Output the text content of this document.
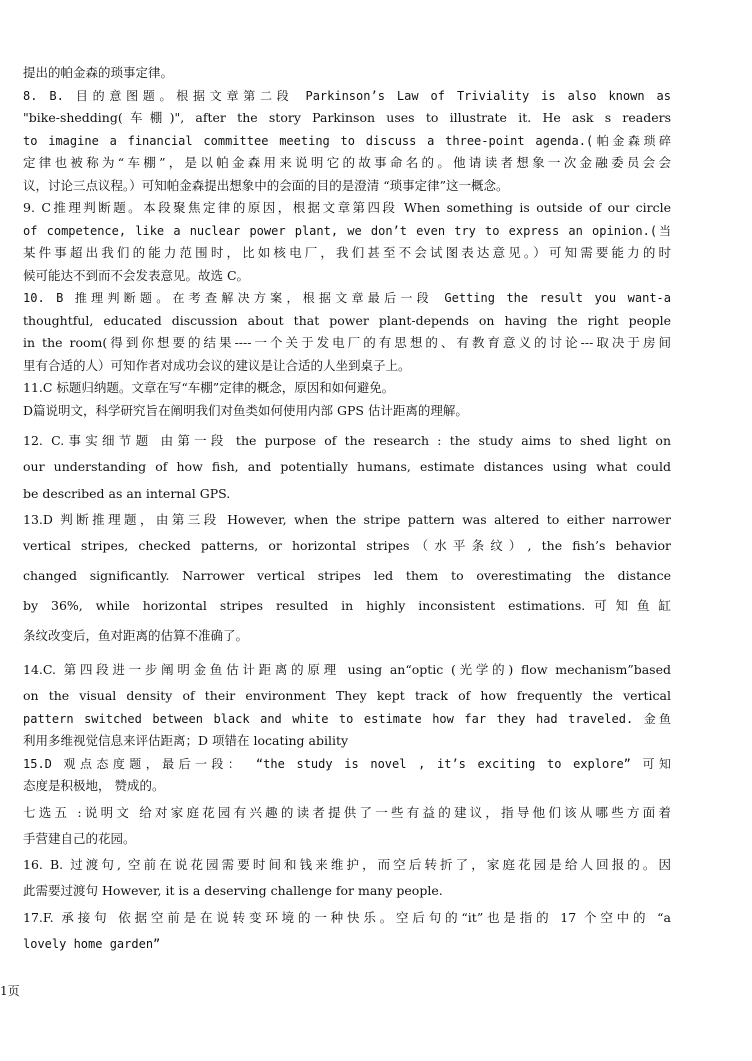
提出的帕金森的琐事定律。
8. B. 目的意图题。根据文章第二段 Parkinson’s Law of Triviality is also known as
"bike-shedding(车棚)", after the story Parkinson uses to illustrate it. He ask s readers
to imagine a financial committee meeting to discuss a three-point agenda.(帕金森琐碎
定律也被称为“车棚”，是以帕金森用来说明它的故事命名的。他请读者想象一次金融委员会会
议，讨论三点议程。）可知帕金森提出想象中的会面的目的是澄清 “琐事定律”这一概念。
9. C推理判断题。本段聚焦定律的原因，根据文章第四段 When something is outside of our circle
of competence, like a nuclear power plant, we don’t even try to express an opinion.(当
某件事超出我们的能力范围时，比如核电厂，我们甚至不会试图表达意见。）可知需要能力的时
候可能达不到而不会发表意见。故选 C。
10. B 推理判断题。在考查解决方案，根据文章最后一段 Getting the result you want-a
thoughtful, educated discussion about that power plant-depends on having the right people
in the room(得到你想要的结果----一个关于发电厂的有思想的、有教育意义的讨论---取决于房间
里有合适的人）可知作者对成功会议的建议是让合适的人坐到桌子上。
11.C 标题归纳题。文章在写“车棚”定律的概念，原因和如何避免。
D篇说明文，科学研究旨在阐明我们对鱼类如何使用内部 GPS 估计距离的理解。
12. C.事实细节题 由第一段 the purpose of the research : the study aims to shed light on
our understanding of how fish, and potentially humans, estimate distances using what could
be described as an internal GPS.
13.D 判断推理题，由第三段 However, when the stripe pattern was altered to either narrower
vertical stripes, checked patterns, or horizontal stripes（水平条纹）, the fish’s behavior
changed significantly. Narrower vertical stripes led them to overestimating the distance
by 36%, while horizontal stripes resulted in highly inconsistent estimations.可知鱼缸
条纹改变后，鱼对距离的估算不准确了。
14.C. 第四段进一步阐明金鱼估计距离的原理 using an“optic (光学的) flow mechanism”based
on the visual density of their environment They kept track of how frequently the vertical
pattern switched between black and white to estimate how far they had traveled. 金鱼
利用多维视觉信息来评估距离；D 项错在 locating ability
15.D 观点态度题，最后一段： “the study is novel , it’s exciting to explore” 可知
态度是积极地， 赞成的。
七选五 :说明文 给对家庭花园有兴趣的读者提供了一些有益的建议，指导他们该从哪些方面着
手营建自己的花园。
16. B. 过渡句, 空前在说花园需要时间和钱来维护，而空后转折了，家庭花园是给人回报的。因
此需要过渡句 However, it is a deserving challenge for many people.
17.F. 承接句 依据空前是在说转变环境的一种快乐。空后句的“it”也是指的 17 个空中的 “a
lovely home garden”
1页
